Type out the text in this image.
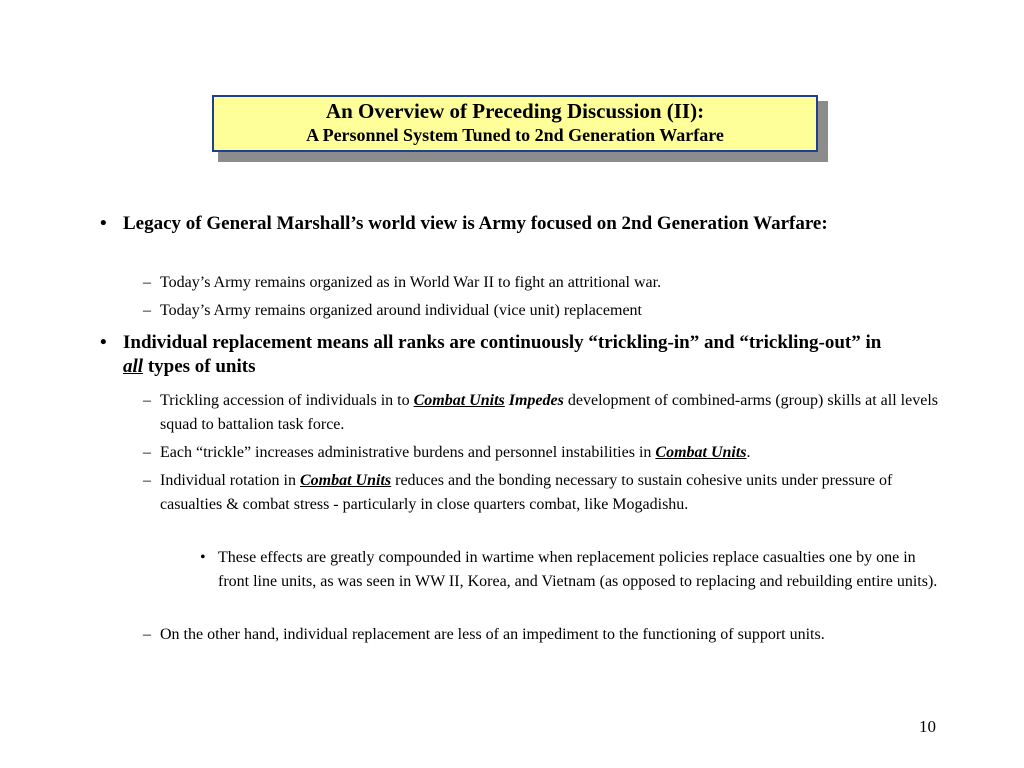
An Overview of Preceding Discussion (II):
A Personnel System Tuned to 2nd Generation Warfare
• Legacy of General Marshall’s world view is Army focused on 2nd Generation Warfare:
– Today’s Army remains organized as in World War II to fight an attritional war.
– Today’s Army remains organized around individual (vice unit) replacement
• Individual replacement means all ranks are continuously “trickling-in” and “trickling-out” in all types of units
– Trickling accession of individuals in to Combat Units Impedes development of combined-arms (group) skills at all levels squad to battalion task force.
– Each “trickle” increases administrative burdens and personnel instabilities in Combat Units.
– Individual rotation in Combat Units reduces and the bonding necessary to sustain cohesive units under pressure of casualties & combat stress - particularly in close quarters combat, like Mogadishu.
• These effects are greatly compounded in wartime when replacement policies replace casualties one by one in front line units, as was seen in WW II, Korea, and Vietnam (as opposed to replacing and rebuilding entire units).
– On the other hand, individual replacement are less of an impediment to the functioning of support units.
10
